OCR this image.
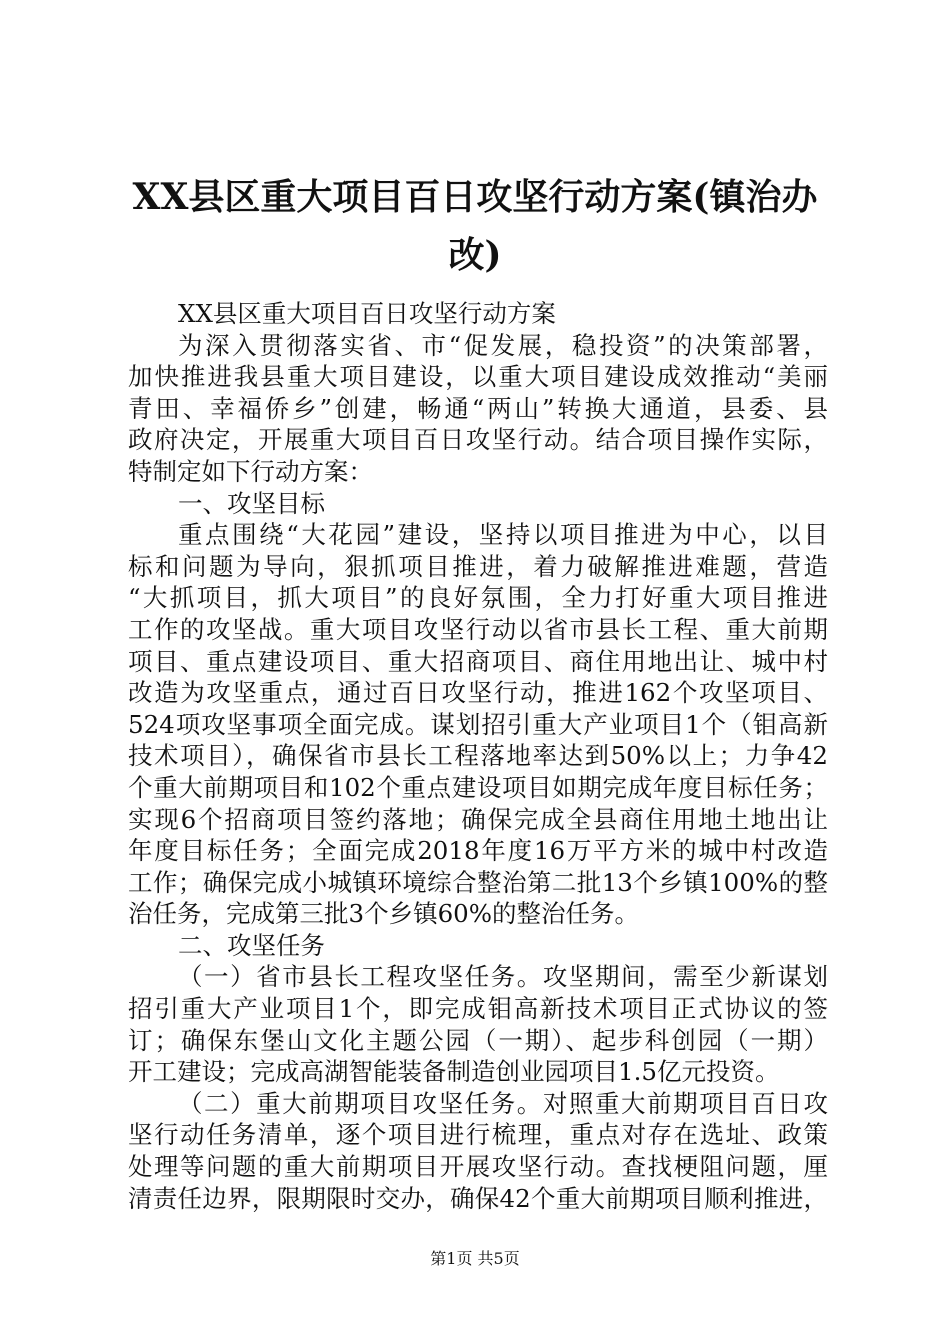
XX县区重大项目百日攻坚行动方案(镇治办
改)
XX县区重大项目百日攻坚行动方案
为深入贯彻落实省、市“促发展，稳投资”的决策部署，
加快推进我县重大项目建设，以重大项目建设成效推动“美丽
青田、幸福侨乡”创建，畅通“两山”转换大通道，县委、县
政府决定，开展重大项目百日攻坚行动。结合项目操作实际，
特制定如下行动方案：
一、攻坚目标
重点围绕“大花园”建设，坚持以项目推进为中心，以目
标和问题为导向，狠抓项目推进，着力破解推进难题，营造
“大抓项目，抓大项目”的良好氛围，全力打好重大项目推进
工作的攻坚战。重大项目攻坚行动以省市县长工程、重大前期
项目、重点建设项目、重大招商项目、商住用地出让、城中村
改造为攻坚重点，通过百日攻坚行动，推进162个攻坚项目、
524项攻坚事项全面完成。谋划招引重大产业项目1个（钼高新
技术项目），确保省市县长工程落地率达到50%以上；力争42
个重大前期项目和102个重点建设项目如期完成年度目标任务；
实现6个招商项目签约落地；确保完成全县商住用地土地出让
年度目标任务；全面完成2018年度16万平方米的城中村改造
工作；确保完成小城镇环境综合整治第二批13个乡镇100%的整
治任务，完成第三批3个乡镇60%的整治任务。
二、攻坚任务
（一）省市县长工程攻坚任务。攻坚期间，需至少新谋划
招引重大产业项目1个，即完成钼高新技术项目正式协议的签
订；确保东堡山文化主题公园（一期）、起步科创园（一期）
开工建设；完成高湖智能装备制造创业园项目1.5亿元投资。
（二）重大前期项目攻坚任务。对照重大前期项目百日攻
坚行动任务清单，逐个项目进行梳理，重点对存在选址、政策
处理等问题的重大前期项目开展攻坚行动。查找梗阻问题，厘
清责任边界，限期限时交办，确保42个重大前期项目顺利推进，
第1页 共5页
